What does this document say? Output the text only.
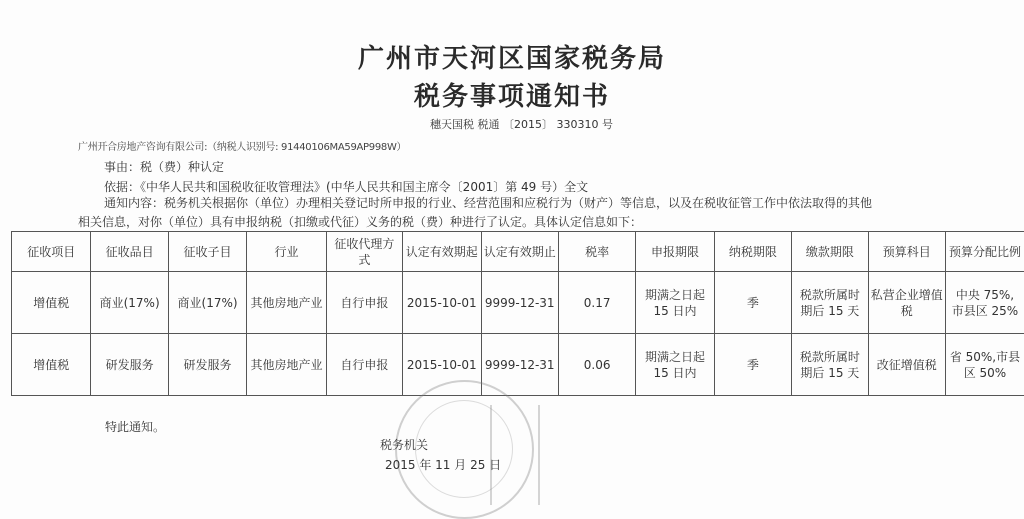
广州市天河区国家税务局
税务事项通知书
穗天国税 税通 〔2015〕 330310 号
广州开合房地产咨询有限公司:（纳税人识别号: 91440106MA59AP998W）
事由：税（费）种认定
依据：《中华人民共和国税收征收管理法》(中华人民共和国主席令〔2001〕第 49 号）全文
通知内容：税务机关根据你（单位）办理相关登记时所申报的行业、经营范围和应税行为（财产）等信息，以及在税收征管工作中依法取得的其他
相关信息，对你（单位）具有申报纳税（扣缴或代征）义务的税（费）种进行了认定。具体认定信息如下：
征收项目	征收品目	征收子目	行业	征收代理方式	认定有效期起	认定有效期止	税率	申报期限	纳税期限	缴款期限	预算科目	预算分配比例
增值税	商业(17%)	商业(17%)	其他房地产业	自行申报	2015-10-01	9999-12-31	0.17	期满之日起 15 日内	季	税款所属时期后 15 天	私营企业增值税	中央 75%, 市县区 25%
增值税	研发服务	研发服务	其他房地产业	自行申报	2015-10-01	9999-12-31	0.06	期满之日起 15 日内	季	税款所属时期后 15 天	改征增值税	省 50%,市县区 50%
特此通知。
税务机关
2015 年 11 月 25 日
